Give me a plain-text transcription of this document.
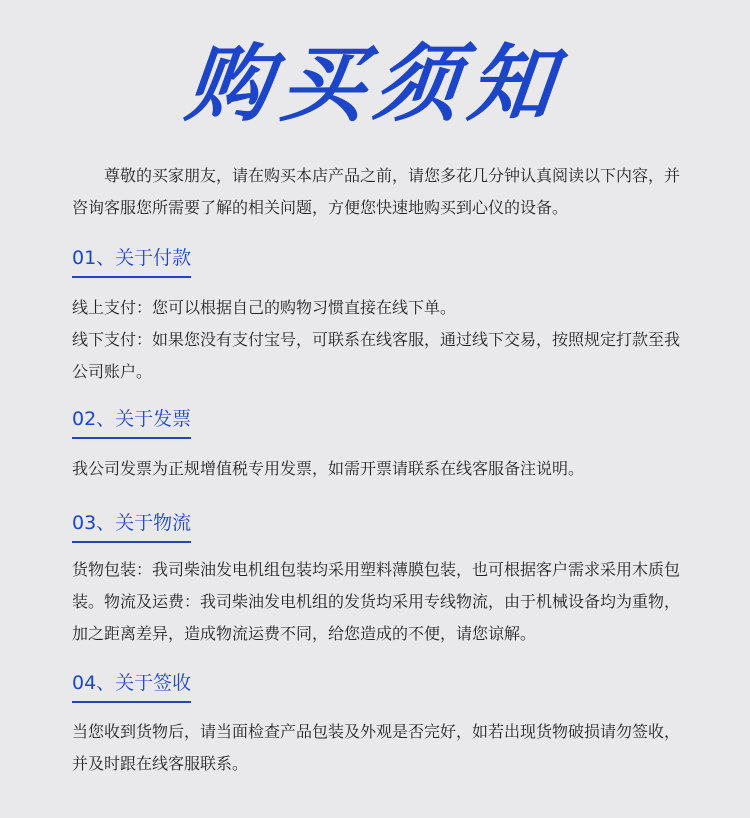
购买须知
尊敬的买家朋友，请在购买本店产品之前，请您多花几分钟认真阅读以下内容，并咨询客服您所需要了解的相关问题，方便您快速地购买到心仪的设备。
01、关于付款

线上支付：您可以根据自己的购物习惯直接在线下单。

线下支付：如果您没有支付宝号，可联系在线客服，通过线下交易，按照规定打款至我公司账户。

02、关于发票

我公司发票为正规增值税专用发票，如需开票请联系在线客服备注说明。

03、关于物流

货物包装：我司柴油发电机组包装均采用塑料薄膜包装，也可根据客户需求采用木质包装。物流及运费：我司柴油发电机组的发货均采用专线物流，由于机械设备均为重物，加之距离差异，造成物流运费不同，给您造成的不便，请您谅解。

04、关于签收

当您收到货物后，请当面检查产品包装及外观是否完好，如若出现货物破损请勿签收，并及时跟在线客服联系。
